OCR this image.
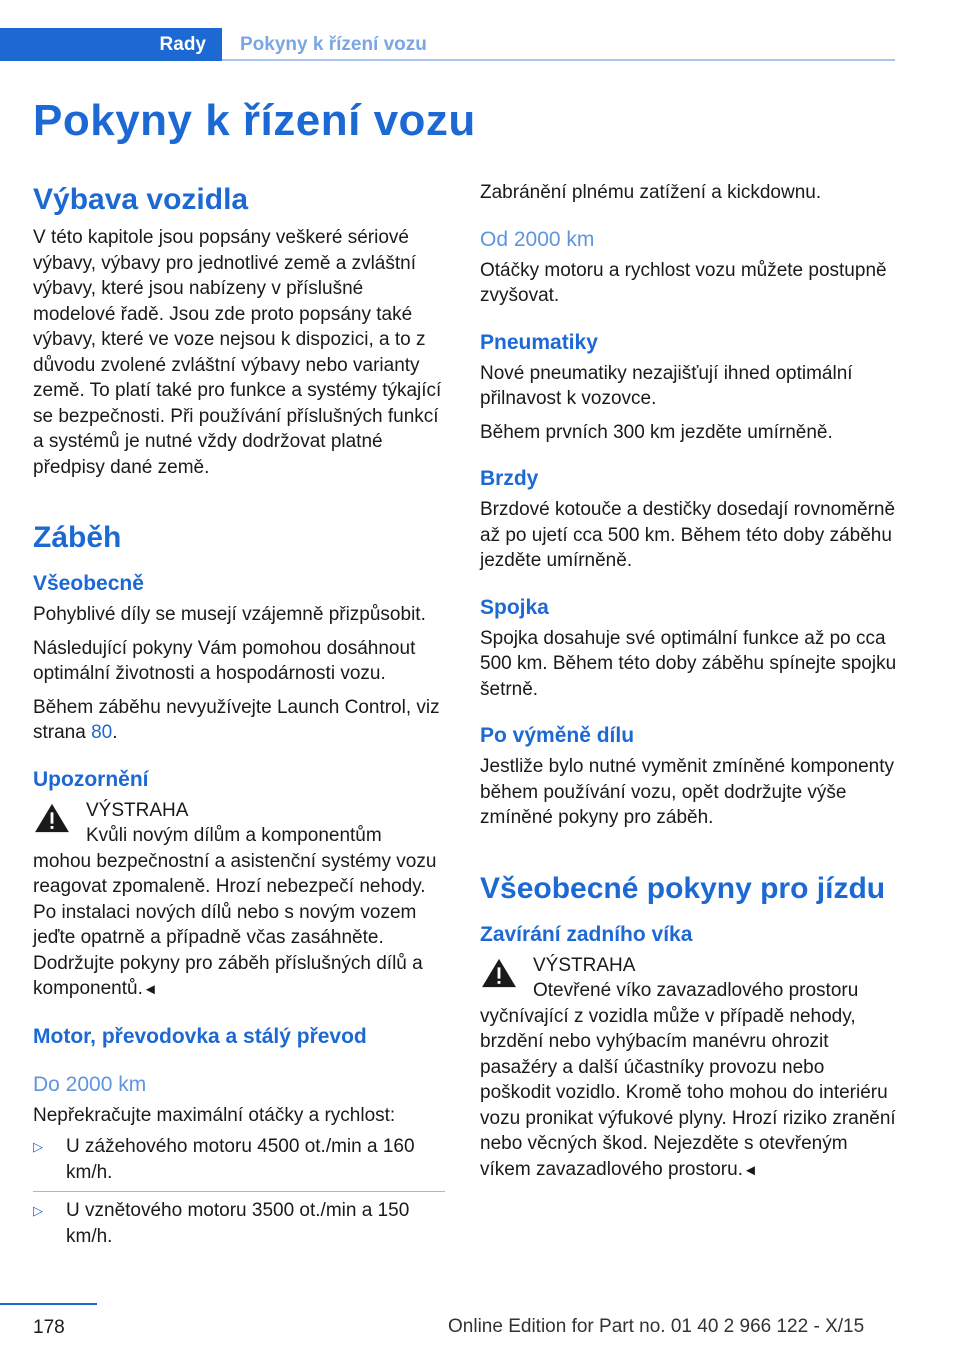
Rady	Pokyny k řízení vozu
Pokyny k řízení vozu
Výbava vozidla

V této kapitole jsou popsány veškeré sériové výbavy, výbavy pro jednotlivé země a zvláštní výbavy, které jsou nabízeny v příslušné modelové řadě. Jsou zde proto popsány také výbavy, které ve voze nejsou k dispozici, a to z důvodu zvolené zvláštní výbavy nebo varianty země. To platí také pro funkce a systémy týkající se bezpečnosti. Při používání příslušných funkcí a systémů je nutné vždy dodržovat platné předpisy dané země.

Záběh
Všeobecně

Pohyblivé díly se musejí vzájemně přizpůsobit.

Následující pokyny Vám pomohou dosáhnout optimální životnosti a hospodárnosti vozu.

Během záběhu nevyužívejte Launch Control, viz strana 80.

Upozornění
VÝSTRAHA
Kvůli novým dílům a komponentům mohou bezpečnostní a asistenční systémy vozu reagovat zpomaleně. Hrozí nebezpečí nehody. Po instalaci nových dílů nebo s novým vozem jeďte opatrně a případně včas zasáhněte. Dodržujte pokyny pro záběh příslušných dílů a komponentů.◄
Motor, převodovka a stálý převod
Do 2000 km

Nepřekračujte maximální otáčky a rychlost:

▷ U zážehového motoru 4500 ot./min a 160 km/h.
▷ U vznětového motoru 3500 ot./min a 150 km/h.

Zabránění plnému zatížení a kickdownu.

Od 2000 km

Otáčky motoru a rychlost vozu můžete postupně zvyšovat.

Pneumatiky

Nové pneumatiky nezajišťují ihned optimální přilnavost k vozovce.

Během prvních 300 km jezděte umírněně.

Brzdy

Brzdové kotouče a destičky dosedají rovnoměrně až po ujetí cca 500 km. Během této doby záběhu jezděte umírněně.

Spojka

Spojka dosahuje své optimální funkce až po cca 500 km. Během této doby záběhu spínejte spojku šetrně.

Po výměně dílu

Jestliže bylo nutné vyměnit zmíněné komponenty během používání vozu, opět dodržujte výše zmíněné pokyny pro záběh.

Všeobecné pokyny pro jízdu
Zavírání zadního víka
VÝSTRAHA
Otevřené víko zavazadlového prostoru vyčnívající z vozidla může v případě nehody, brzdění nebo vyhýbacím manévru ohrozit pasažéry a další účastníky provozu nebo poškodit vozidlo. Kromě toho mohou do interiéru vozu pronikat výfukové plyny. Hrozí riziko zranění nebo věcných škod. Nejezděte s otevřeným víkem zavazadlového prostoru.◄
178	Online Edition for Part no. 01 40 2 966 122 - X/15
